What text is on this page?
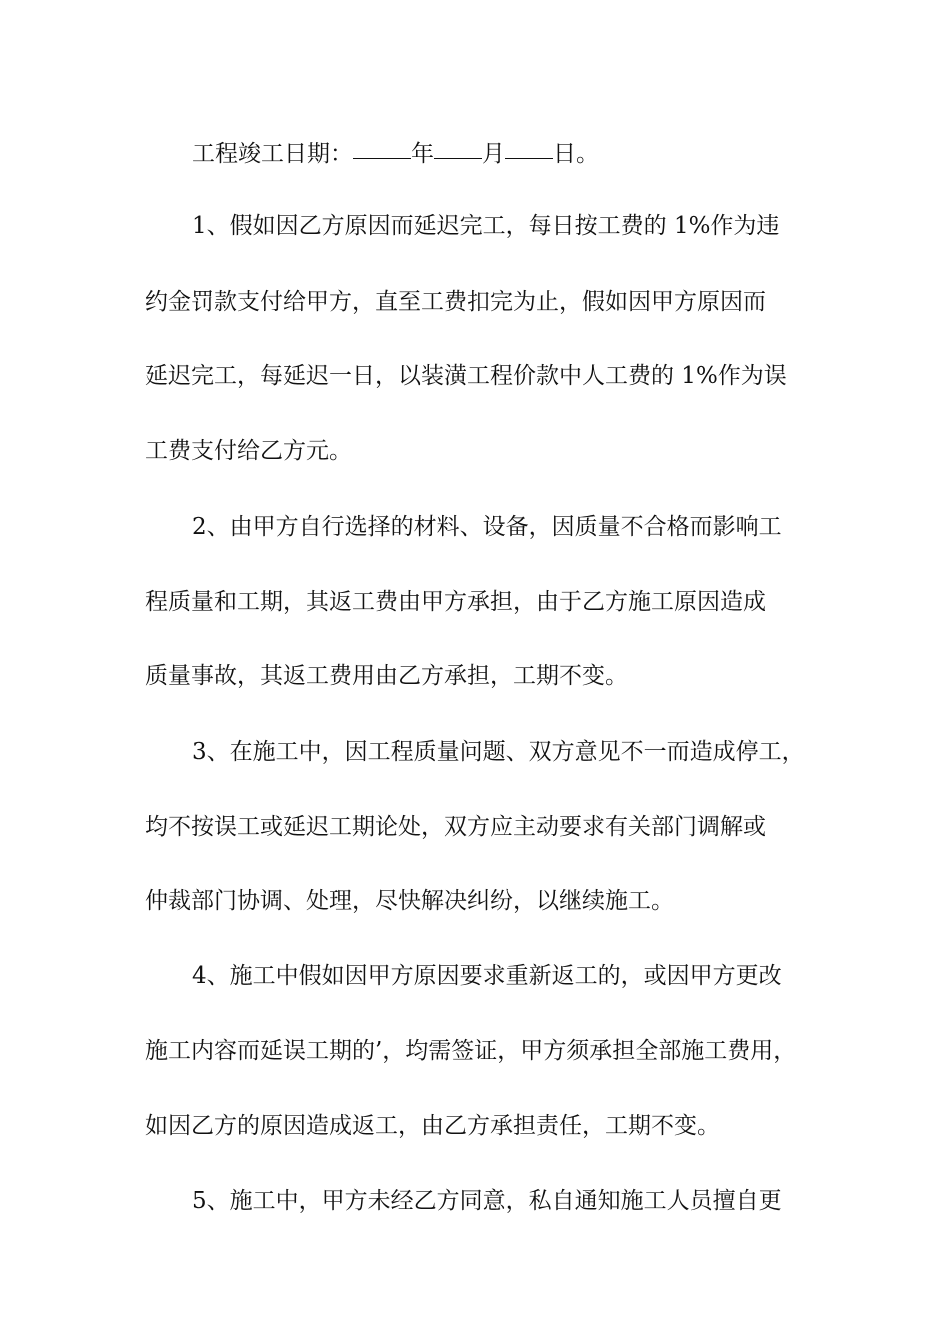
工程竣工日期：	年 月 日。
1、假如因乙方原因而延迟完工，每日按工费的 1%作为违
约金罚款支付给甲方，直至工费扣完为止，假如因甲方原因而
延迟完工，每延迟一日，以装潢工程价款中人工费的 1%作为误
工费支付给乙方元。
2、由甲方自行选择的材料、设备，因质量不合格而影响工
程质量和工期，其返工费由甲方承担，由于乙方施工原因造成
质量事故，其返工费用由乙方承担，工期不变。
3、在施工中，因工程质量问题、双方意见不一而造成停工，
均不按误工或延迟工期论处，双方应主动要求有关部门调解或
仲裁部门协调、处理，尽快解决纠纷，以继续施工。
4、施工中假如因甲方原因要求重新返工的，或因甲方更改
施工内容而延误工期的’，均需签证，甲方须承担全部施工费用，
如因乙方的原因造成返工，由乙方承担责任，工期不变。
5、施工中，甲方未经乙方同意，私自通知施工人员擅自更
